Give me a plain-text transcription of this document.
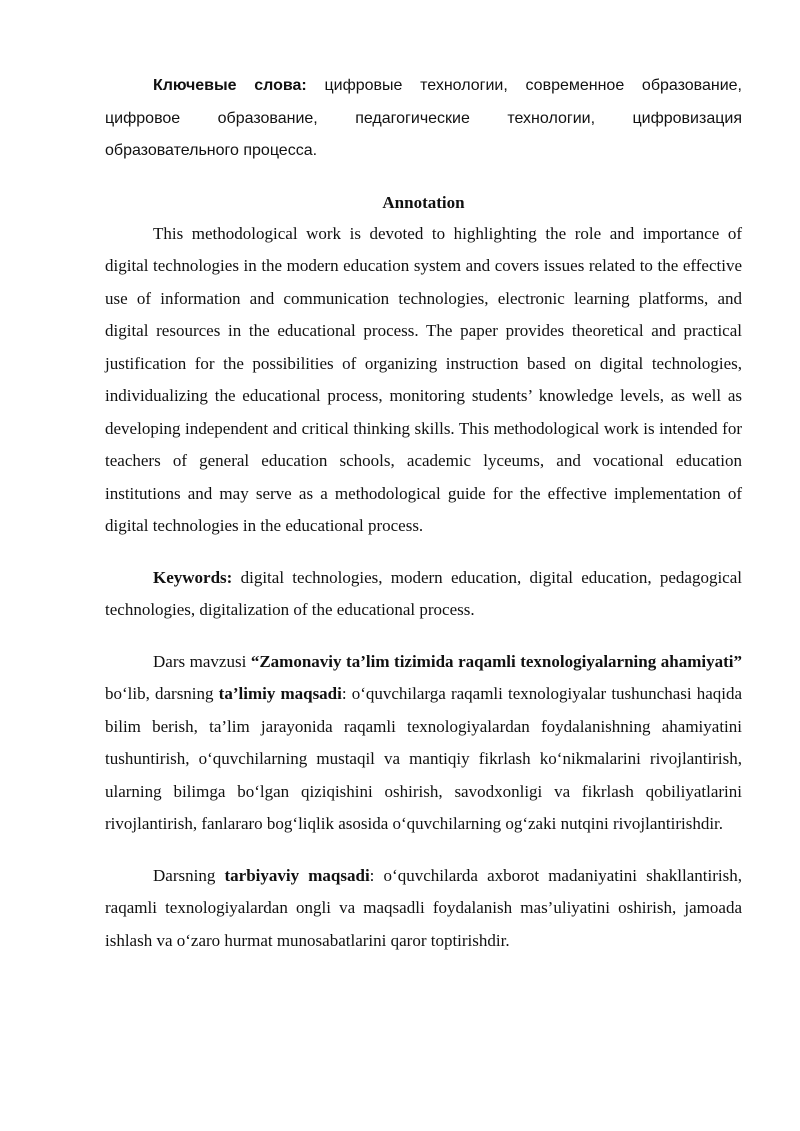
Ключевые слова: цифровые технологии, современное образование, цифровое образование, педагогические технологии, цифровизация образовательного процесса.

Annotation

This methodological work is devoted to highlighting the role and importance of digital technologies in the modern education system and covers issues related to the effective use of information and communication technologies, electronic learning platforms, and digital resources in the educational process. The paper provides theoretical and practical justification for the possibilities of organizing instruction based on digital technologies, individualizing the educational process, monitoring students’ knowledge levels, as well as developing independent and critical thinking skills. This methodological work is intended for teachers of general education schools, academic lyceums, and vocational education institutions and may serve as a methodological guide for the effective implementation of digital technologies in the educational process.

Keywords: digital technologies, modern education, digital education, pedagogical technologies, digitalization of the educational process.

Dars mavzusi “Zamonaviy ta’lim tizimida raqamli texnologiyalarning ahamiyati” bo‘lib, darsning ta’limiy maqsadi: o‘quvchilarga raqamli texnologiyalar tushunchasi haqida bilim berish, ta’lim jarayonida raqamli texnologiyalardan foydalanishning ahamiyatini tushuntirish, o‘quvchilarning mustaqil va mantiqiy fikrlash ko‘nikmalarini rivojlantirish, ularning bilimga bo‘lgan qiziqishini oshirish, savodxonligi va fikrlash qobiliyatlarini rivojlantirish, fanlararo bog‘liqlik asosida o‘quvchilarning og‘zaki nutqini rivojlantirishdir.

Darsning tarbiyaviy maqsadi: o‘quvchilarda axborot madaniyatini shakllantirish, raqamli texnologiyalardan ongli va maqsadli foydalanish mas’uliyatini oshirish, jamoada ishlash va o‘zaro hurmat munosabatlarini qaror toptirishdir.
